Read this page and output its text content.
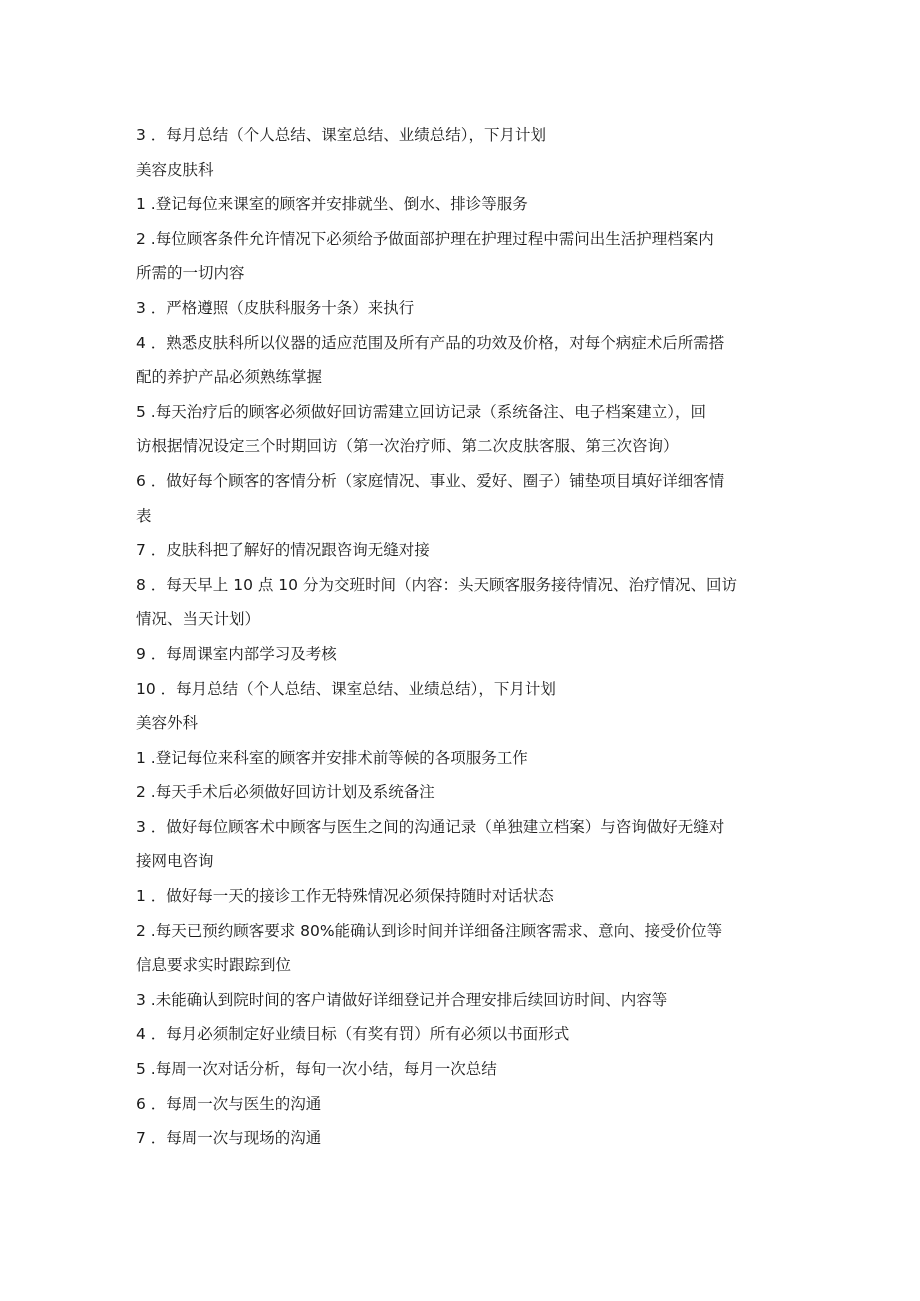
3 ．每月总结（个人总结、课室总结、业绩总结），下月计划
美容皮肤科
1 .登记每位来课室的顾客并安排就坐、倒水、排诊等服务
2 .每位顾客条件允许情况下必须给予做面部护理在护理过程中需问出生活护理档案内
所需的一切内容
3 ．严格遵照（皮肤科服务十条）来执行
4 ．熟悉皮肤科所以仪器的适应范围及所有产品的功效及价格，对每个病症术后所需搭
配的养护产品必须熟练掌握
5 .每天治疗后的顾客必须做好回访需建立回访记录（系统备注、电子档案建立），回
访根据情况设定三个时期回访（第一次治疗师、第二次皮肤客服、第三次咨询）
6 ．做好每个顾客的客情分析（家庭情况、事业、爱好、圈子）铺垫项目填好详细客情
表
7 ．皮肤科把了解好的情况跟咨询无缝对接
8 ．每天早上 10 点 10 分为交班时间（内容：头天顾客服务接待情况、治疗情况、回访
情况、当天计划）
9 ．每周课室内部学习及考核
10 ．每月总结（个人总结、课室总结、业绩总结），下月计划
美容外科
1 .登记每位来科室的顾客并安排术前等候的各项服务工作
2 .每天手术后必须做好回访计划及系统备注
3 ．做好每位顾客术中顾客与医生之间的沟通记录（单独建立档案）与咨询做好无缝对
接网电咨询
1 ．做好每一天的接诊工作无特殊情况必须保持随时对话状态
2 .每天已预约顾客要求 80%能确认到诊时间并详细备注顾客需求、意向、接受价位等
信息要求实时跟踪到位
3 .未能确认到院时间的客户请做好详细登记并合理安排后续回访时间、内容等
4 ．每月必须制定好业绩目标（有奖有罚）所有必须以书面形式
5 .每周一次对话分析，每旬一次小结，每月一次总结
6 ．每周一次与医生的沟通
7 ．每周一次与现场的沟通
